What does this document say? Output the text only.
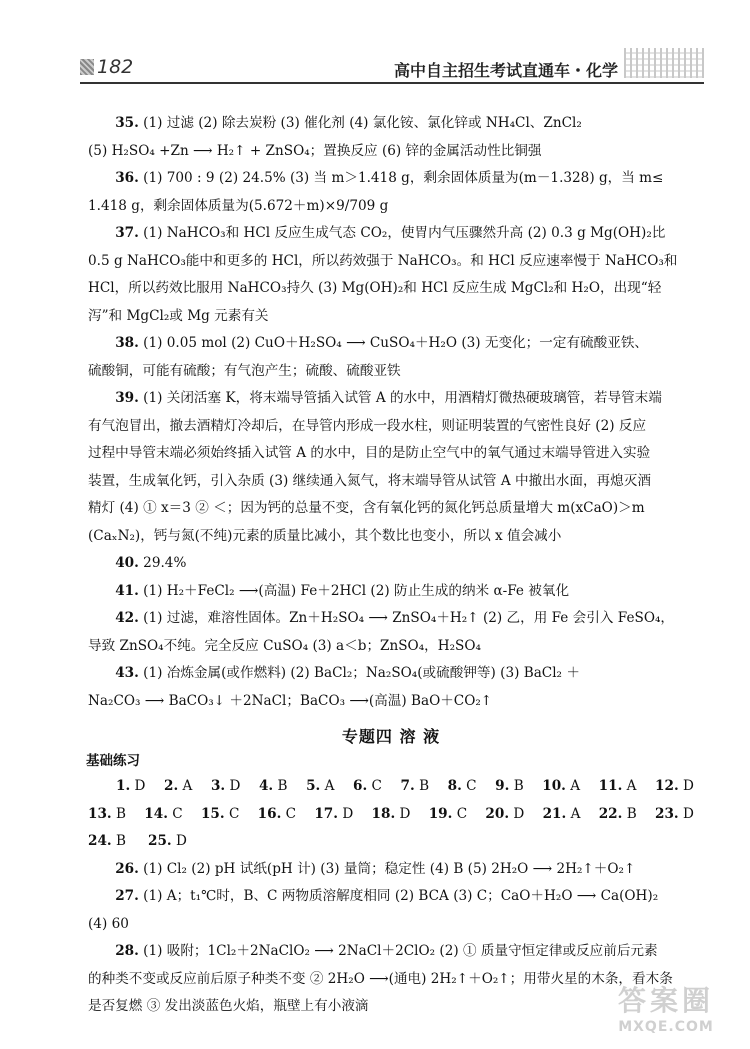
182	高中自主招生考试直通车・化学

35. (1) 过滤 (2) 除去炭粉 (3) 催化剂 (4) 氯化铵、氯化锌或 NH₄Cl、ZnCl₂
(5) H₂SO₄ +Zn ⟶ H₂↑ + ZnSO₄；置换反应 (6) 锌的金属活动性比铜强

36. (1) 700 : 9 (2) 24.5% (3) 当 m＞1.418 g，剩余固体质量为(m－1.328) g，当 m≤
1.418 g，剩余固体质量为(5.672＋m)×9/709 g

37. (1) NaHCO₃和 HCl 反应生成气态 CO₂，使胃内气压骤然升高 (2) 0.3 g Mg(OH)₂比
0.5 g NaHCO₃能中和更多的 HCl，所以药效强于 NaHCO₃。和 HCl 反应速率慢于 NaHCO₃和
HCl，所以药效比服用 NaHCO₃持久 (3) Mg(OH)₂和 HCl 反应生成 MgCl₂和 H₂O，出现“轻
泻”和 MgCl₂或 Mg 元素有关

38. (1) 0.05 mol (2) CuO＋H₂SO₄ ⟶ CuSO₄＋H₂O (3) 无变化；一定有硫酸亚铁、
硫酸铜，可能有硫酸；有气泡产生；硫酸、硫酸亚铁

39. (1) 关闭活塞 K，将末端导管插入试管 A 的水中，用酒精灯微热硬玻璃管，若导管末端
有气泡冒出，撤去酒精灯冷却后，在导管内形成一段水柱，则证明装置的气密性良好 (2) 反应
过程中导管末端必须始终插入试管 A 的水中，目的是防止空气中的氧气通过末端导管进入实验
装置，生成氧化钙，引入杂质 (3) 继续通入氮气，将末端导管从试管 A 中撤出水面，再熄灭酒
精灯 (4) ① x＝3 ② ＜；因为钙的总量不变，含有氧化钙的氮化钙总质量增大 m(xCaO)＞m
(CaₓN₂)，钙与氮(不纯)元素的质量比减小，其个数比也变小，所以 x 值会减小

40. 29.4%

41. (1) H₂＋FeCl₂ ⟶(高温) Fe＋2HCl (2) 防止生成的纳米 α-Fe 被氧化

42. (1) 过滤，难溶性固体。Zn＋H₂SO₄ ⟶ ZnSO₄＋H₂↑ (2) 乙，用 Fe 会引入 FeSO₄，
导致 ZnSO₄不纯。完全反应 CuSO₄ (3) a＜b；ZnSO₄，H₂SO₄

43. (1) 冶炼金属(或作燃料) (2) BaCl₂；Na₂SO₄(或硫酸钾等) (3) BaCl₂ ＋
Na₂CO₃ ⟶ BaCO₃↓ ＋2NaCl；BaCO₃ ⟶(高温) BaO＋CO₂↑

专题四 溶 液
基础练习
1. D 2. A 3. D 4. B 5. A 6. C 7. B 8. C 9. B 10. A 11. A 12. D
13. B 14. C 15. C 16. C 17. D 18. D 19. C 20. D 21. A 22. B 23. D
24. B 25. D

26. (1) Cl₂ (2) pH 试纸(pH 计) (3) 量筒；稳定性 (4) B (5) 2H₂O ⟶ 2H₂↑＋O₂↑

27. (1) A；t₁℃时，B、C 两物质溶解度相同 (2) BCA (3) C；CaO＋H₂O ⟶ Ca(OH)₂
(4) 60

28. (1) 吸附；1Cl₂＋2NaClO₂ ⟶ 2NaCl＋2ClO₂ (2) ① 质量守恒定律或反应前后元素
的种类不变或反应前后原子种类不变 ② 2H₂O ⟶(通电) 2H₂↑＋O₂↑；用带火星的木条，看木条
是否复燃 ③ 发出淡蓝色火焰，瓶壁上有小液滴	答案圈
MXQE.COM
